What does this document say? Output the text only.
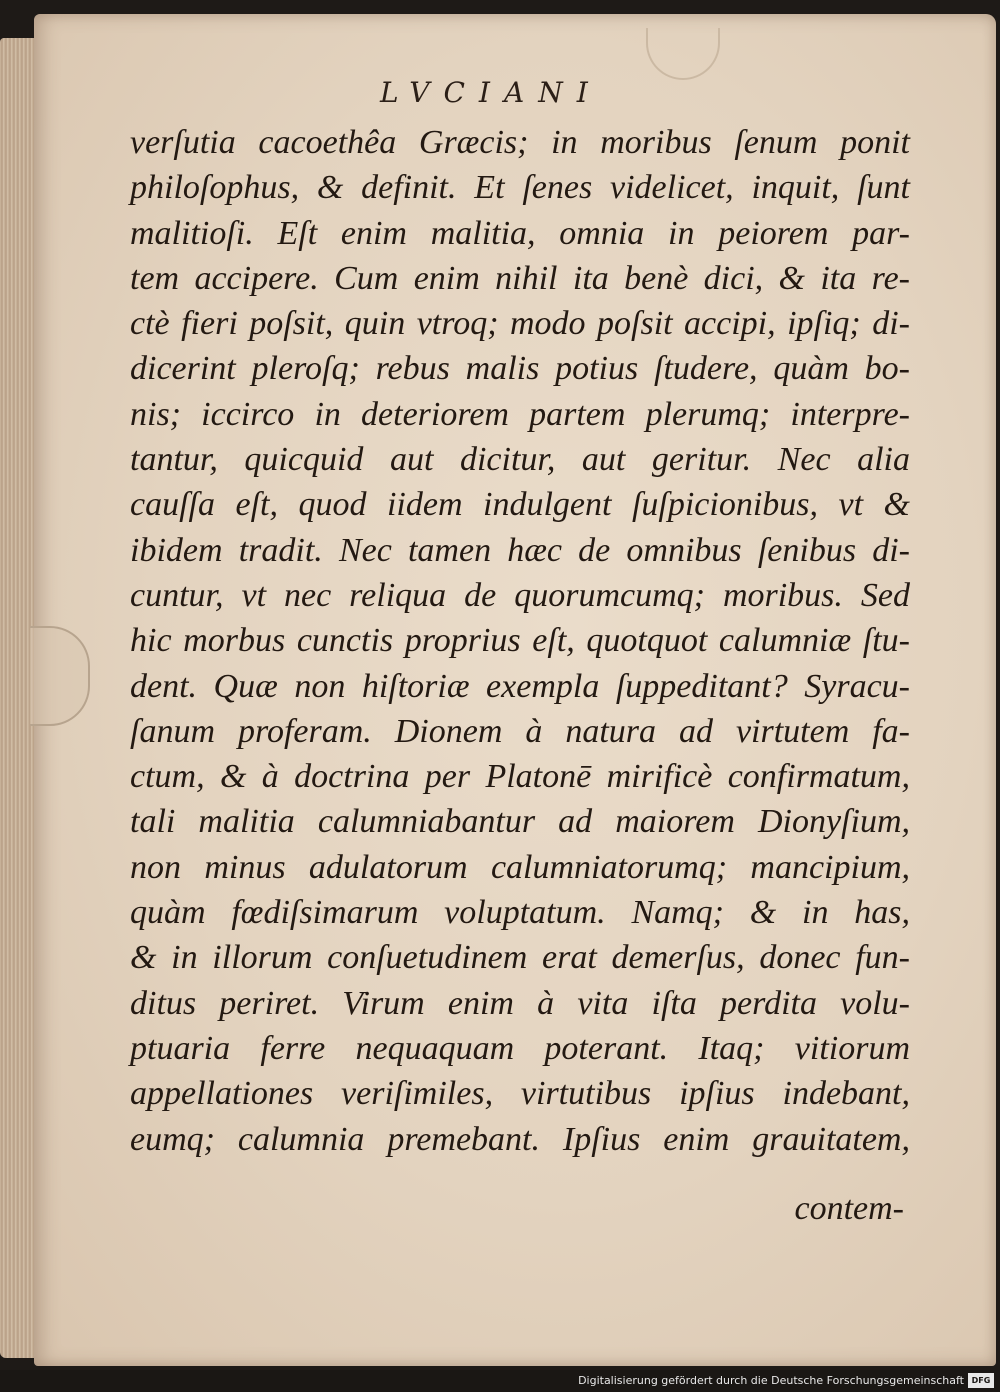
LVCIANI
verſutia cacoethêa Græcis; in moribus ſenum ponit
philoſophus, & definit. Et ſenes videlicet, inquit, ſunt
malitioſi. Eſt enim malitia, omnia in peiorem par-
tem accipere. Cum enim nihil ita benè dici, & ita re-
ctè fieri poſsit, quin vtroq; modo poſsit accipi, ipſiq; di-
dicerint pleroſq; rebus malis potius ſtudere, quàm bo-
nis; iccirco in deteriorem partem plerumq; interpre-
tantur, quicquid aut dicitur, aut geritur. Nec alia
cauſſa eſt, quod iidem indulgent ſuſpicionibus, vt &
ibidem tradit. Nec tamen hæc de omnibus ſenibus di-
cuntur, vt nec reliqua de quorumcumq; moribus. Sed
hic morbus cunctis proprius eſt, quotquot calumniæ ſtu-
dent. Quæ non hiſtoriæ exempla ſuppeditant? Syracu-
ſanum proferam. Dionem à natura ad virtutem fa-
ctum, & à doctrina per Platonē mirificè confirmatum,
tali malitia calumniabantur ad maiorem Dionyſium,
non minus adulatorum calumniatorumq; mancipium,
quàm fœdiſsimarum voluptatum. Namq; & in has,
& in illorum conſuetudinem erat demerſus, donec fun-
ditus periret. Virum enim à vita iſta perdita volu-
ptuaria ferre nequaquam poterant. Itaq; vitiorum
appellationes veriſimiles, virtutibus ipſius indebant,
eumq; calumnia premebant. Ipſius enim grauitatem,
contem-
Digitalisierung gefördert durch die Deutsche Forschungsgemeinschaft DFG
